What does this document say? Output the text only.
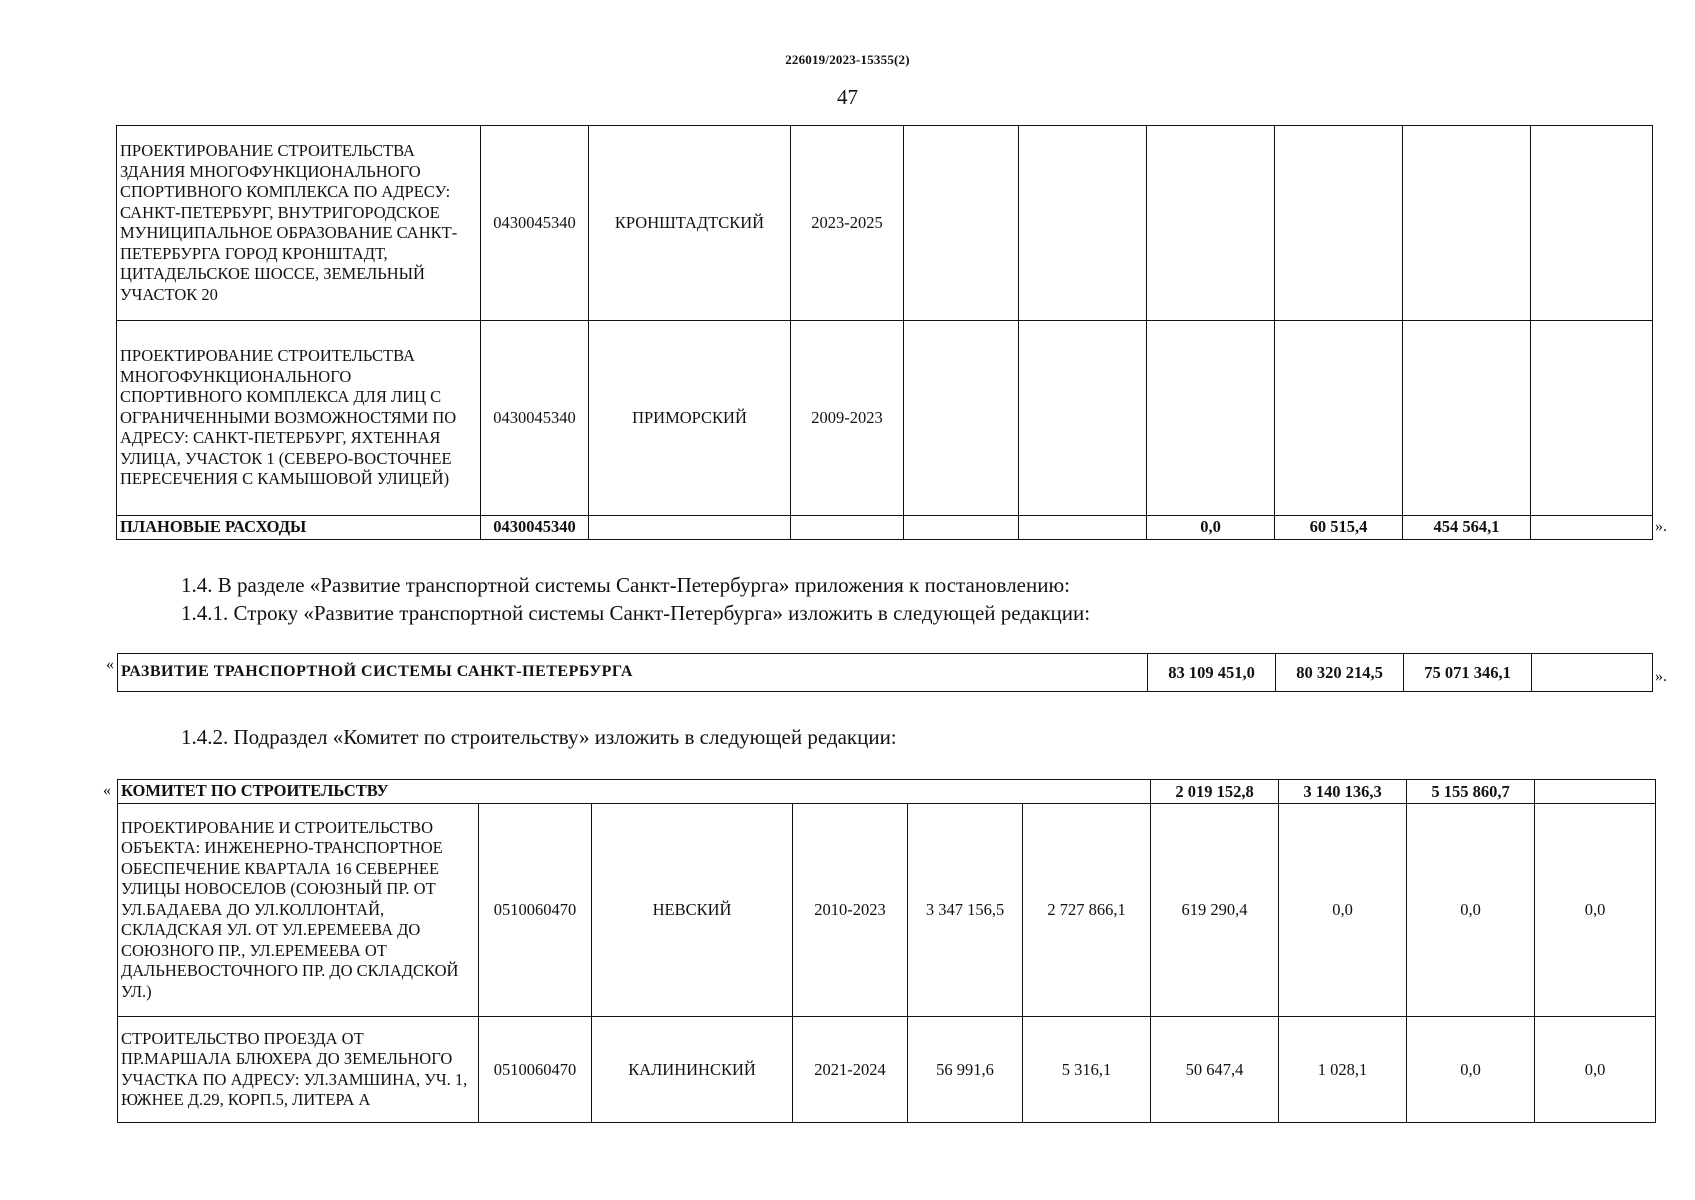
226019/2023-15355(2)
47
ПРОЕКТИРОВАНИЕ СТРОИТЕЛЬСТВА ЗДАНИЯ МНОГОФУНКЦИОНАЛЬНОГО СПОРТИВНОГО КОМПЛЕКСА ПО АДРЕСУ: САНКТ-ПЕТЕРБУРГ, ВНУТРИГОРОДСКОЕ МУНИЦИПАЛЬНОЕ ОБРАЗОВАНИЕ САНКТ-ПЕТЕРБУРГА ГОРОД КРОНШТАДТ, ЦИТАДЕЛЬСКОЕ ШОССЕ, ЗЕМЕЛЬНЫЙ УЧАСТОК 20	0430045340	КРОНШТАДТСКИЙ	2023-2025						
ПРОЕКТИРОВАНИЕ СТРОИТЕЛЬСТВА МНОГОФУНКЦИОНАЛЬНОГО СПОРТИВНОГО КОМПЛЕКСА ДЛЯ ЛИЦ С ОГРАНИЧЕННЫМИ ВОЗМОЖНОСТЯМИ ПО АДРЕСУ: САНКТ-ПЕТЕРБУРГ, ЯХТЕННАЯ УЛИЦА, УЧАСТОК 1 (СЕВЕРО-ВОСТОЧНЕЕ ПЕРЕСЕЧЕНИЯ С КАМЫШОВОЙ УЛИЦЕЙ)	0430045340	ПРИМОРСКИЙ	2009-2023						
ПЛАНОВЫЕ РАСХОДЫ	0430045340					0,0	60 515,4	454 564,1		».
1.4. В разделе «Развитие транспортной системы Санкт-Петербурга» приложения к постановлению:
1.4.1. Строку «Развитие транспортной системы Санкт-Петербурга» изложить в следующей редакции:
« РАЗВИТИЕ ТРАНСПОРТНОЙ СИСТЕМЫ САНКТ-ПЕТЕРБУРГА	83 109 451,0	80 320 214,5	75 071 346,1		».
1.4.2. Подраздел «Комитет по строительству» изложить в следующей редакции:
« КОМИТЕТ ПО СТРОИТЕЛЬСТВУ						2 019 152,8	3 140 136,3	5 155 860,7	
ПРОЕКТИРОВАНИЕ И СТРОИТЕЛЬСТВО ОБЪЕКТА: ИНЖЕНЕРНО-ТРАНСПОРТНОЕ ОБЕСПЕЧЕНИЕ КВАРТАЛА 16 СЕВЕРНЕЕ УЛИЦЫ НОВОСЕЛОВ (СОЮЗНЫЙ ПР. ОТ УЛ.БАДАЕВА ДО УЛ.КОЛЛОНТАЙ, СКЛАДСКАЯ УЛ. ОТ УЛ.ЕРЕМЕЕВА ДО СОЮЗНОГО ПР., УЛ.ЕРЕМЕЕВА ОТ ДАЛЬНЕВОСТОЧНОГО ПР. ДО СКЛАДСКОЙ УЛ.)	0510060470	НЕВСКИЙ	2010-2023	3 347 156,5	2 727 866,1	619 290,4	0,0	0,0	0,0
СТРОИТЕЛЬСТВО ПРОЕЗДА ОТ ПР.МАРШАЛА БЛЮХЕРА ДО ЗЕМЕЛЬНОГО УЧАСТКА ПО АДРЕСУ: УЛ.ЗАМШИНА, УЧ. 1, ЮЖНЕЕ Д.29, КОРП.5, ЛИТЕРА А	0510060470	КАЛИНИНСКИЙ	2021-2024	56 991,6	5 316,1	50 647,4	1 028,1	0,0	0,0
